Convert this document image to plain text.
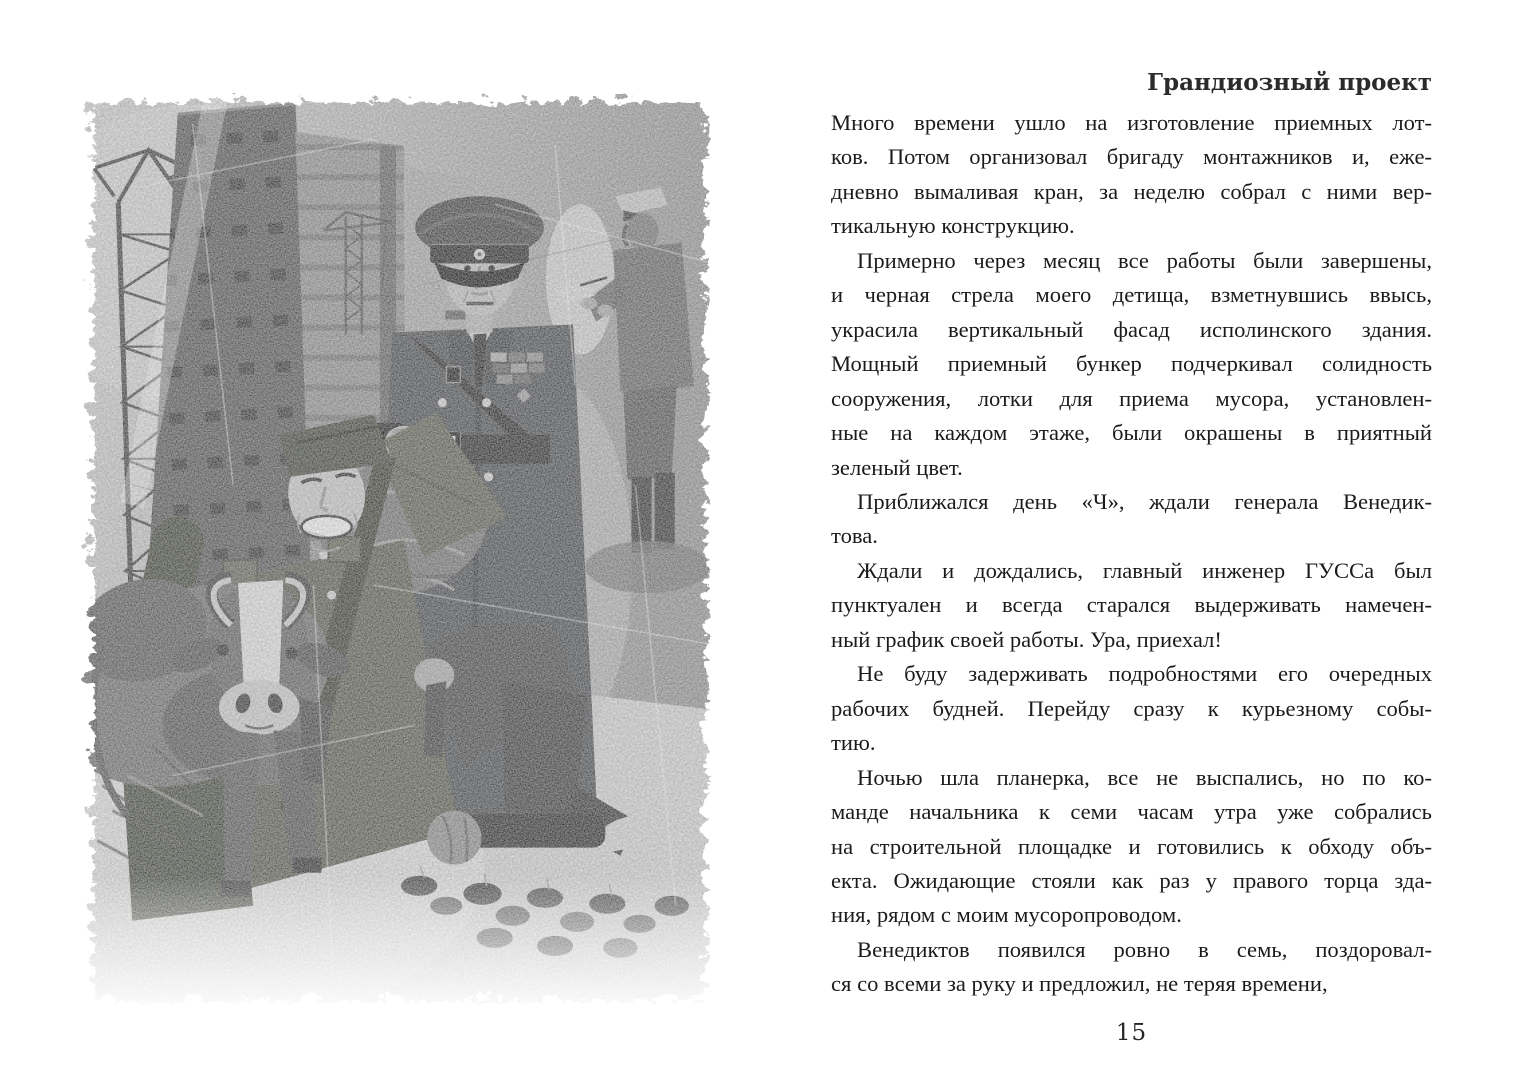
Грандиозный проект
Много времени ушло на изготовление приемных лот-
ков. Потом организовал бригаду монтажников и, еже-
дневно вымаливая кран, за неделю собрал с ними вер-
тикальную конструкцию.
Примерно через месяц все работы были завершены,
и черная стрела моего детища, взметнувшись ввысь,
украсила вертикальный фасад исполинского здания.
Мощный приемный бункер подчеркивал солидность
сооружения, лотки для приема мусора, установлен-
ные на каждом этаже, были окрашены в приятный
зеленый цвет.
Приближался день «Ч», ждали генерала Венедик-
това.
Ждали и дождались, главный инженер ГУССа был
пунктуален и всегда старался выдерживать намечен-
ный график своей работы. Ура, приехал!
Не буду задерживать подробностями его очередных
рабочих будней. Перейду сразу к курьезному собы-
тию.
Ночью шла планерка, все не выспались, но по ко-
манде начальника к семи часам утра уже собрались
на строительной площадке и готовились к обходу объ-
екта. Ожидающие стояли как раз у правого торца зда-
ния, рядом с моим мусоропроводом.
Венедиктов появился ровно в семь, поздоровал-
ся со всеми за руку и предложил, не теряя времени,
15
